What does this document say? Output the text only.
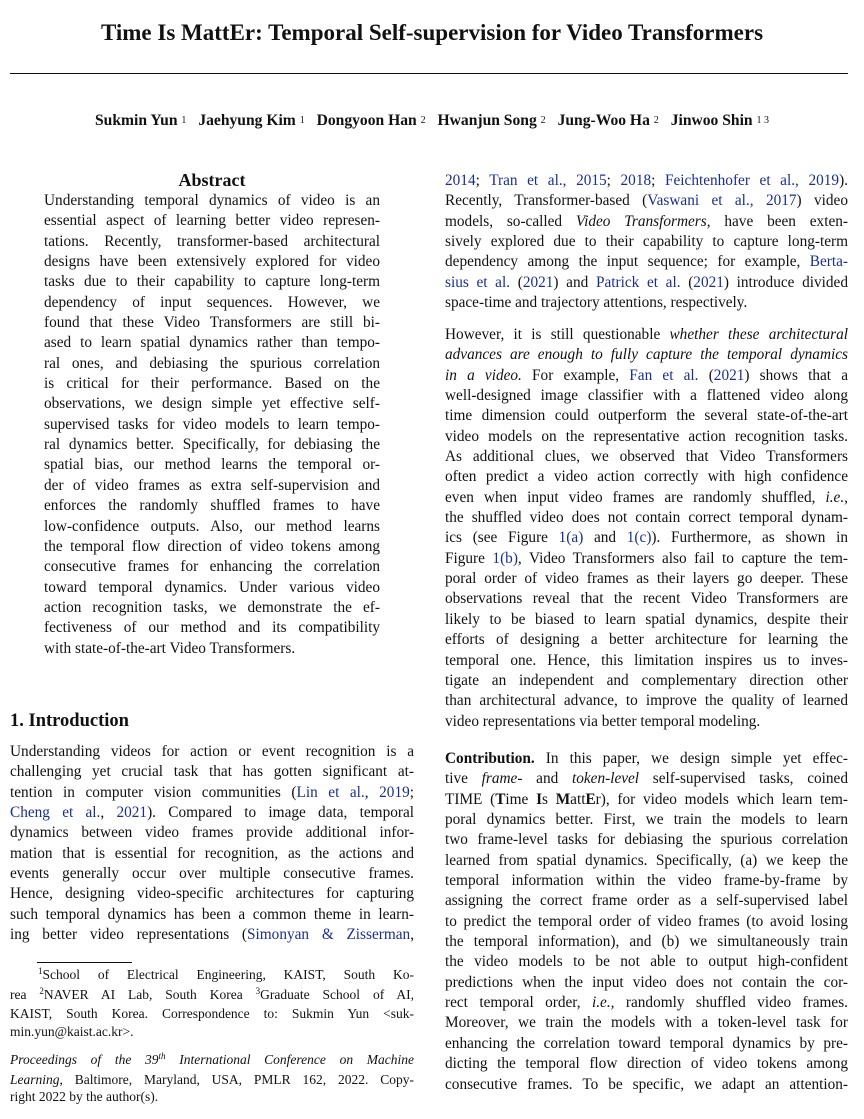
Time Is MattEr: Temporal Self-supervision for Video Transformers
Sukmin Yun $^1$ Jaehyung Kim $^1$ Dongyoon Han $^2$ Hwanjun Song $^2$ Jung-Woo Ha $^2$ Jinwoo Shin $^{1 3}$
Abstract
Understanding temporal dynamics of video is an
essential aspect of learning better video represen-
tations. Recently, transformer-based architectural
designs have been extensively explored for video
tasks due to their capability to capture long-term
dependency of input sequences. However, we
found that these Video Transformers are still bi-
ased to learn spatial dynamics rather than tempo-
ral ones, and debiasing the spurious correlation
is critical for their performance. Based on the
observations, we design simple yet effective self-
supervised tasks for video models to learn tempo-
ral dynamics better. Specifically, for debiasing the
spatial bias, our method learns the temporal or-
der of video frames as extra self-supervision and
enforces the randomly shuffled frames to have
low-confidence outputs. Also, our method learns
the temporal flow direction of video tokens among
consecutive frames for enhancing the correlation
toward temporal dynamics. Under various video
action recognition tasks, we demonstrate the ef-
fectiveness of our method and its compatibility
with state-of-the-art Video Transformers.
1. Introduction
Understanding videos for action or event recognition is a
challenging yet crucial task that has gotten significant at-
tention in computer vision communities (Lin et al., 2019;
Cheng et al., 2021). Compared to image data, temporal
dynamics between video frames provide additional infor-
mation that is essential for recognition, as the actions and
events generally occur over multiple consecutive frames.
Hence, designing video-specific architectures for capturing
such temporal dynamics has been a common theme in learn-
ing better video representations (Simonyan & Zisserman,
$^1$School of Electrical Engineering, KAIST, South Ko-
rea $^2$NAVER AI Lab, South Korea $^3$Graduate School of AI,
KAIST, South Korea. Correspondence to: Sukmin Yun <suk-
min.yun@kaist.ac.kr>.
Proceedings of the 39th International Conference on Machine
Learning, Baltimore, Maryland, USA, PMLR 162, 2022. Copy-
right 2022 by the author(s).
2014; Tran et al., 2015; 2018; Feichtenhofer et al., 2019).
Recently, Transformer-based (Vaswani et al., 2017) video
models, so-called Video Transformers, have been exten-
sively explored due to their capability to capture long-term
dependency among the input sequence; for example, Berta-
sius et al. (2021) and Patrick et al. (2021) introduce divided
space-time and trajectory attentions, respectively.
However, it is still questionable whether these architectural
advances are enough to fully capture the temporal dynamics
in a video. For example, Fan et al. (2021) shows that a
well-designed image classifier with a flattened video along
time dimension could outperform the several state-of-the-art
video models on the representative action recognition tasks.
As additional clues, we observed that Video Transformers
often predict a video action correctly with high confidence
even when input video frames are randomly shuffled, i.e.,
the shuffled video does not contain correct temporal dynam-
ics (see Figure 1(a) and 1(c)). Furthermore, as shown in
Figure 1(b), Video Transformers also fail to capture the tem-
poral order of video frames as their layers go deeper. These
observations reveal that the recent Video Transformers are
likely to be biased to learn spatial dynamics, despite their
efforts of designing a better architecture for learning the
temporal one. Hence, this limitation inspires us to inves-
tigate an independent and complementary direction other
than architectural advance, to improve the quality of learned
video representations via better temporal modeling.
Contribution. In this paper, we design simple yet effec-
tive frame- and token-level self-supervised tasks, coined
TIME (Time Is MattEr), for video models which learn tem-
poral dynamics better. First, we train the models to learn
two frame-level tasks for debiasing the spurious correlation
learned from spatial dynamics. Specifically, (a) we keep the
temporal information within the video frame-by-frame by
assigning the correct frame order as a self-supervised label
to predict the temporal order of video frames (to avoid losing
the temporal information), and (b) we simultaneously train
the video models to be not able to output high-confident
predictions when the input video does not contain the cor-
rect temporal order, i.e., randomly shuffled video frames.
Moreover, we train the models with a token-level task for
enhancing the correlation toward temporal dynamics by pre-
dicting the temporal flow direction of video tokens among
consecutive frames. To be specific, we adapt an attention-
